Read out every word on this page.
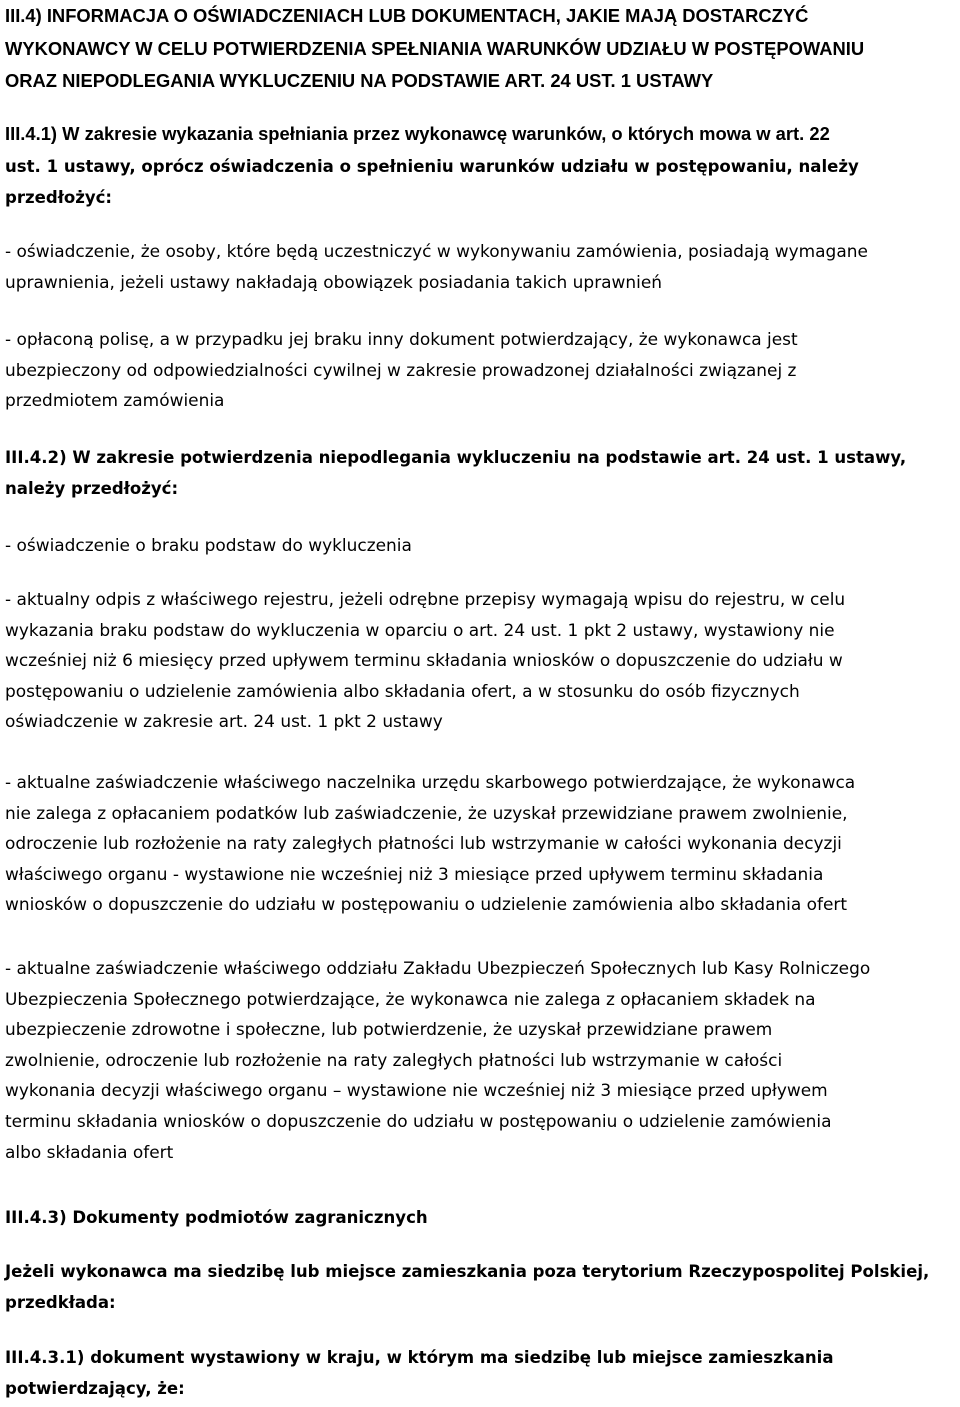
III.4) INFORMACJA O OŚWIADCZENIACH LUB DOKUMENTACH, JAKIE MAJĄ DOSTARCZYĆ
WYKONAWCY W CELU POTWIERDZENIA SPEŁNIANIA WARUNKÓW UDZIAŁU W POSTĘPOWANIU
ORAZ NIEPODLEGANIA WYKLUCZENIU NA PODSTAWIE ART. 24 UST. 1 USTAWY
III.4.1) W zakresie wykazania spełniania przez wykonawcę warunków, o których mowa w art. 22
ust. 1 ustawy, oprócz oświadczenia o spełnieniu warunków udziału w postępowaniu, należy
przedłożyć:
- oświadczenie, że osoby, które będą uczestniczyć w wykonywaniu zamówienia, posiadają wymagane
uprawnienia, jeżeli ustawy nakładają obowiązek posiadania takich uprawnień
- opłaconą polisę, a w przypadku jej braku inny dokument potwierdzający, że wykonawca jest
ubezpieczony od odpowiedzialności cywilnej w zakresie prowadzonej działalności związanej z
przedmiotem zamówienia
III.4.2) W zakresie potwierdzenia niepodlegania wykluczeniu na podstawie art. 24 ust. 1 ustawy,
należy przedłożyć:
- oświadczenie o braku podstaw do wykluczenia
- aktualny odpis z właściwego rejestru, jeżeli odrębne przepisy wymagają wpisu do rejestru, w celu
wykazania braku podstaw do wykluczenia w oparciu o art. 24 ust. 1 pkt 2 ustawy, wystawiony nie
wcześniej niż 6 miesięcy przed upływem terminu składania wniosków o dopuszczenie do udziału w
postępowaniu o udzielenie zamówienia albo składania ofert, a w stosunku do osób fizycznych
oświadczenie w zakresie art. 24 ust. 1 pkt 2 ustawy
- aktualne zaświadczenie właściwego naczelnika urzędu skarbowego potwierdzające, że wykonawca
nie zalega z opłacaniem podatków lub zaświadczenie, że uzyskał przewidziane prawem zwolnienie,
odroczenie lub rozłożenie na raty zaległych płatności lub wstrzymanie w całości wykonania decyzji
właściwego organu - wystawione nie wcześniej niż 3 miesiące przed upływem terminu składania
wniosków o dopuszczenie do udziału w postępowaniu o udzielenie zamówienia albo składania ofert
- aktualne zaświadczenie właściwego oddziału Zakładu Ubezpieczeń Społecznych lub Kasy Rolniczego
Ubezpieczenia Społecznego potwierdzające, że wykonawca nie zalega z opłacaniem składek na
ubezpieczenie zdrowotne i społeczne, lub potwierdzenie, że uzyskał przewidziane prawem
zwolnienie, odroczenie lub rozłożenie na raty zaległych płatności lub wstrzymanie w całości
wykonania decyzji właściwego organu – wystawione nie wcześniej niż 3 miesiące przed upływem
terminu składania wniosków o dopuszczenie do udziału w postępowaniu o udzielenie zamówienia
albo składania ofert
III.4.3) Dokumenty podmiotów zagranicznych
Jeżeli wykonawca ma siedzibę lub miejsce zamieszkania poza terytorium Rzeczypospolitej Polskiej,
przedkłada:
III.4.3.1) dokument wystawiony w kraju, w którym ma siedzibę lub miejsce zamieszkania
potwierdzający, że:
